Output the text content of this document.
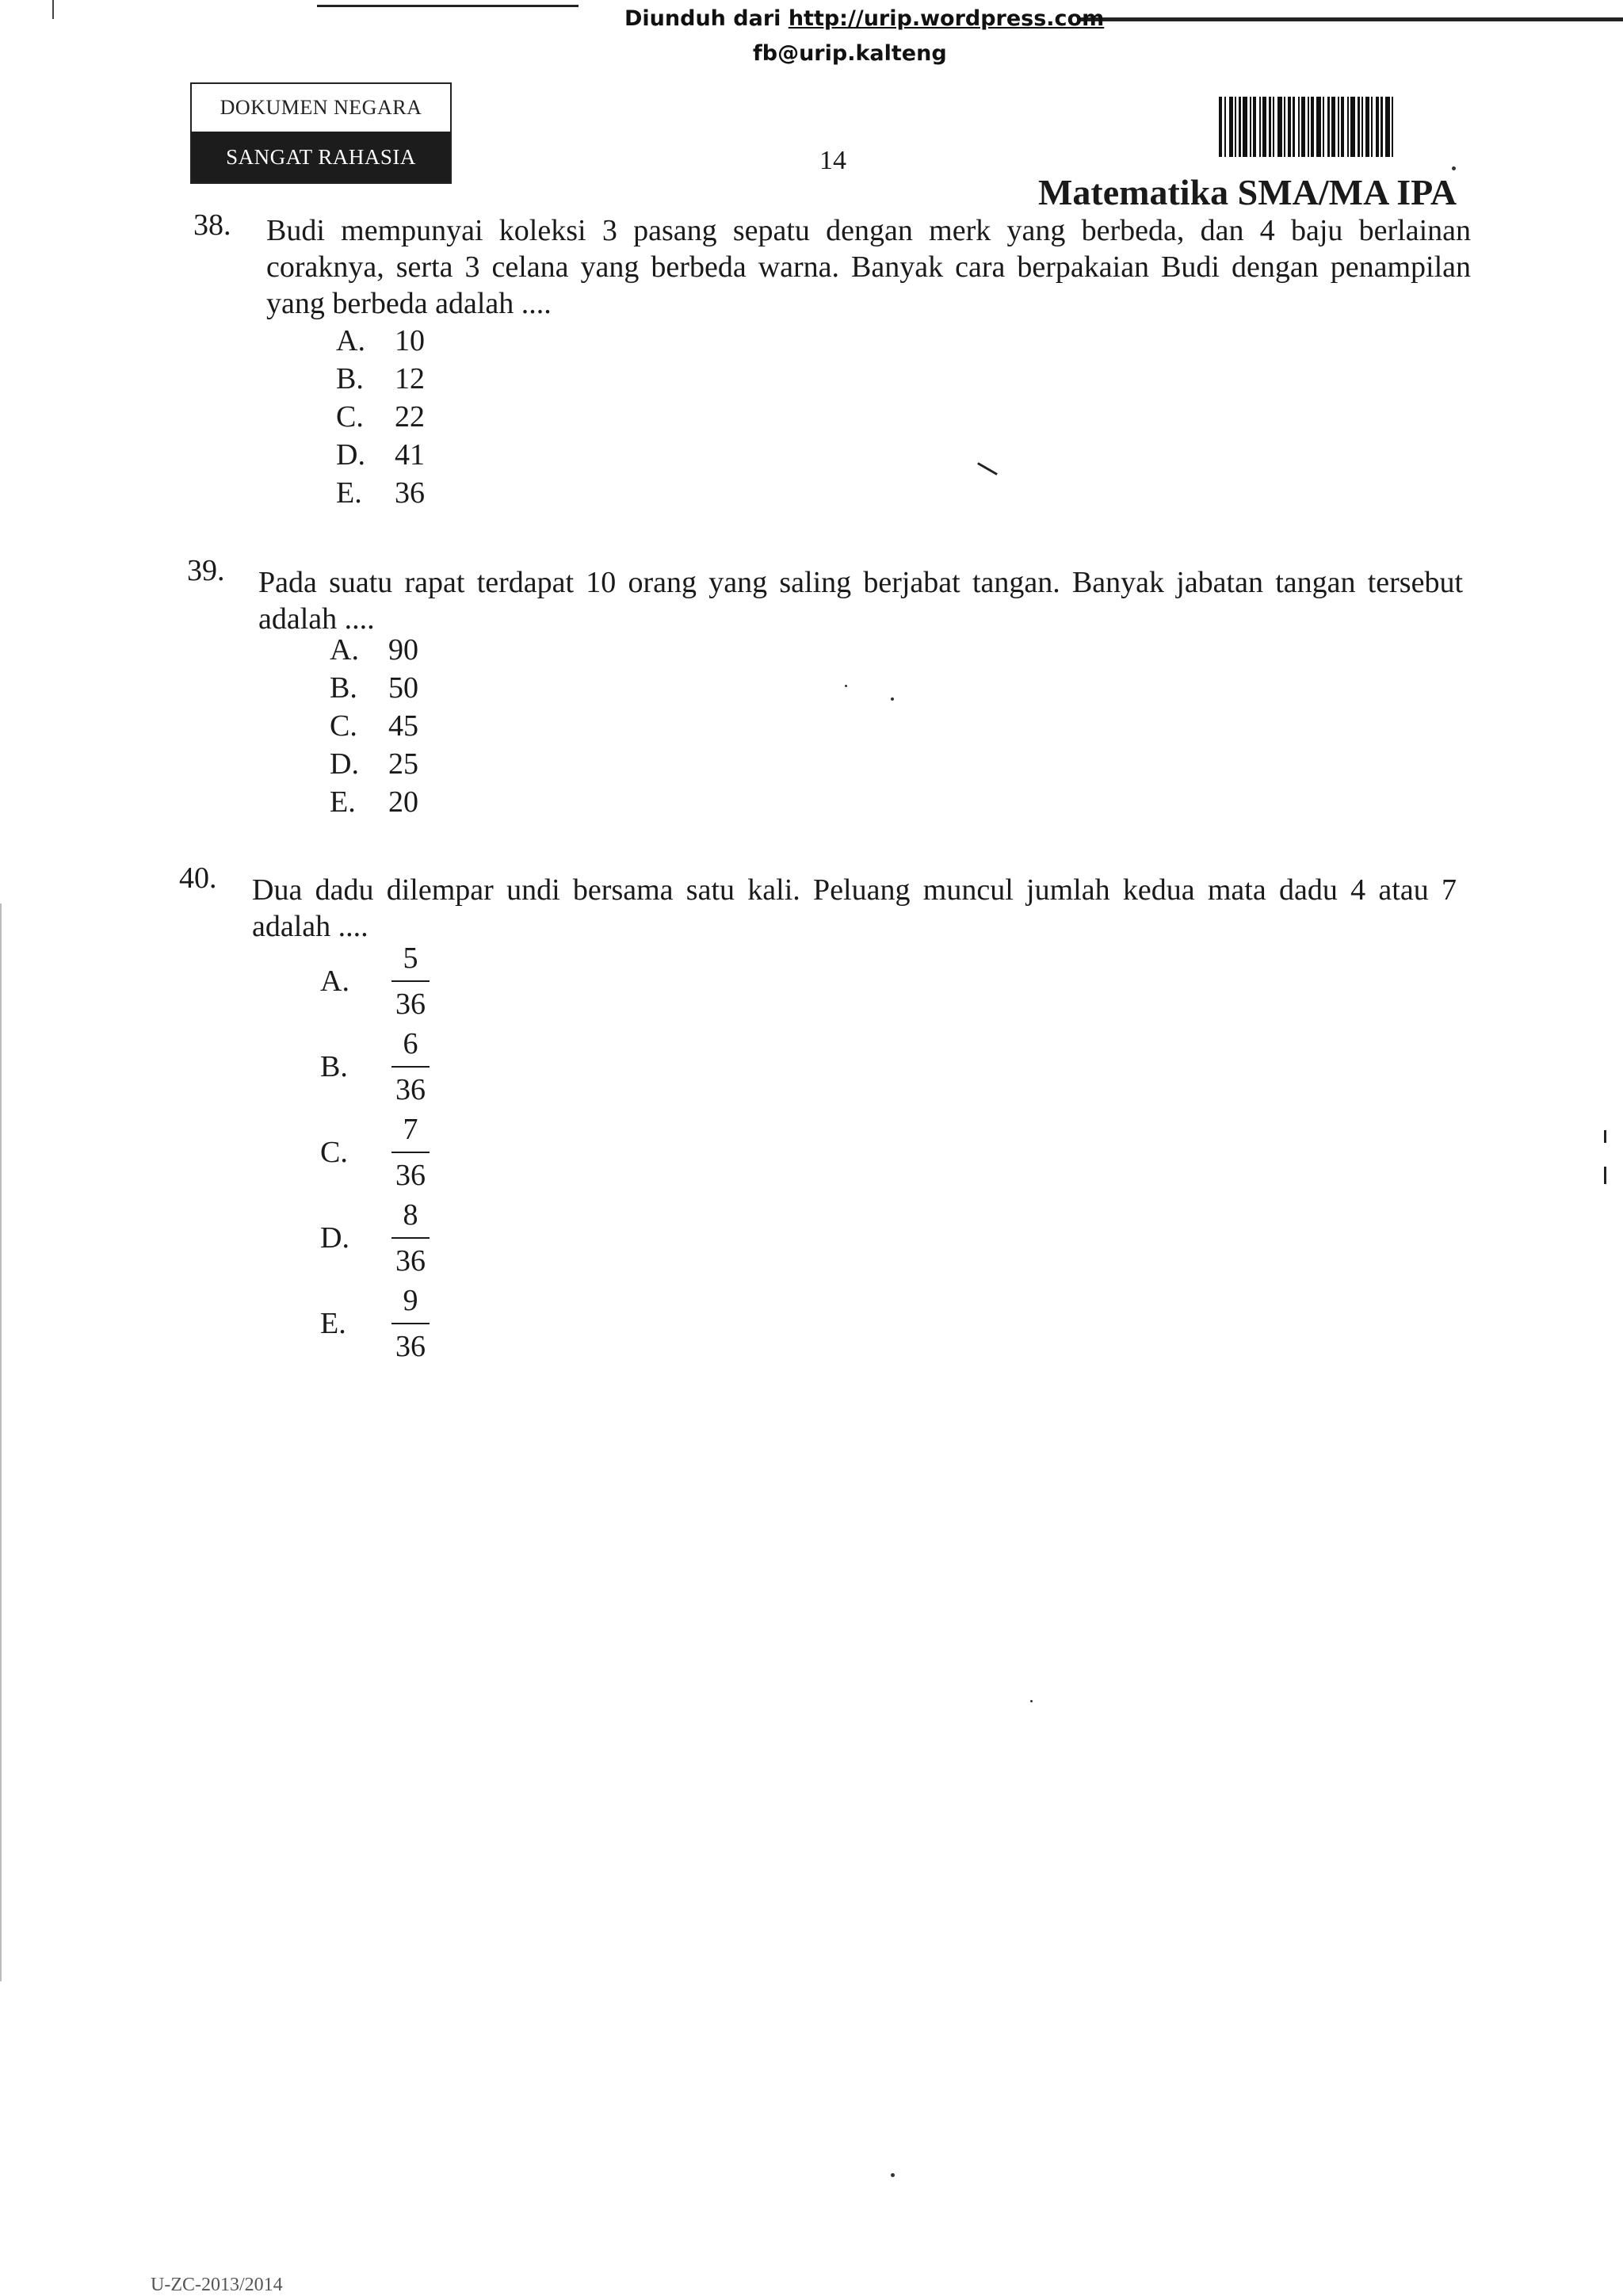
Diunduh dari http://urip.wordpress.com
fb@urip.kalteng
DOKUMEN NEGARA
SANGAT RAHASIA	14
Matematika SMA/MA IPA
38. Budi mempunyai koleksi 3 pasang sepatu dengan merk yang berbeda, dan 4 baju berlainan coraknya, serta 3 celana yang berbeda warna. Banyak cara berpakaian Budi dengan penampilan yang berbeda adalah ....
A. 10
B. 12
C. 22
D. 41
E. 36
39. Pada suatu rapat terdapat 10 orang yang saling berjabat tangan. Banyak jabatan tangan tersebut adalah ....
A. 90
B. 50
C. 45
D. 25
E. 20
40. Dua dadu dilempar undi bersama satu kali. Peluang muncul jumlah kedua mata dadu 4 atau 7 adalah ....
A.	$\frac{5}{36}$
B.	$\frac{6}{36}$
C.	$\frac{7}{36}$
D.	$\frac{8}{36}$
E.	$\frac{9}{36}$
U-ZC-2013/2014
